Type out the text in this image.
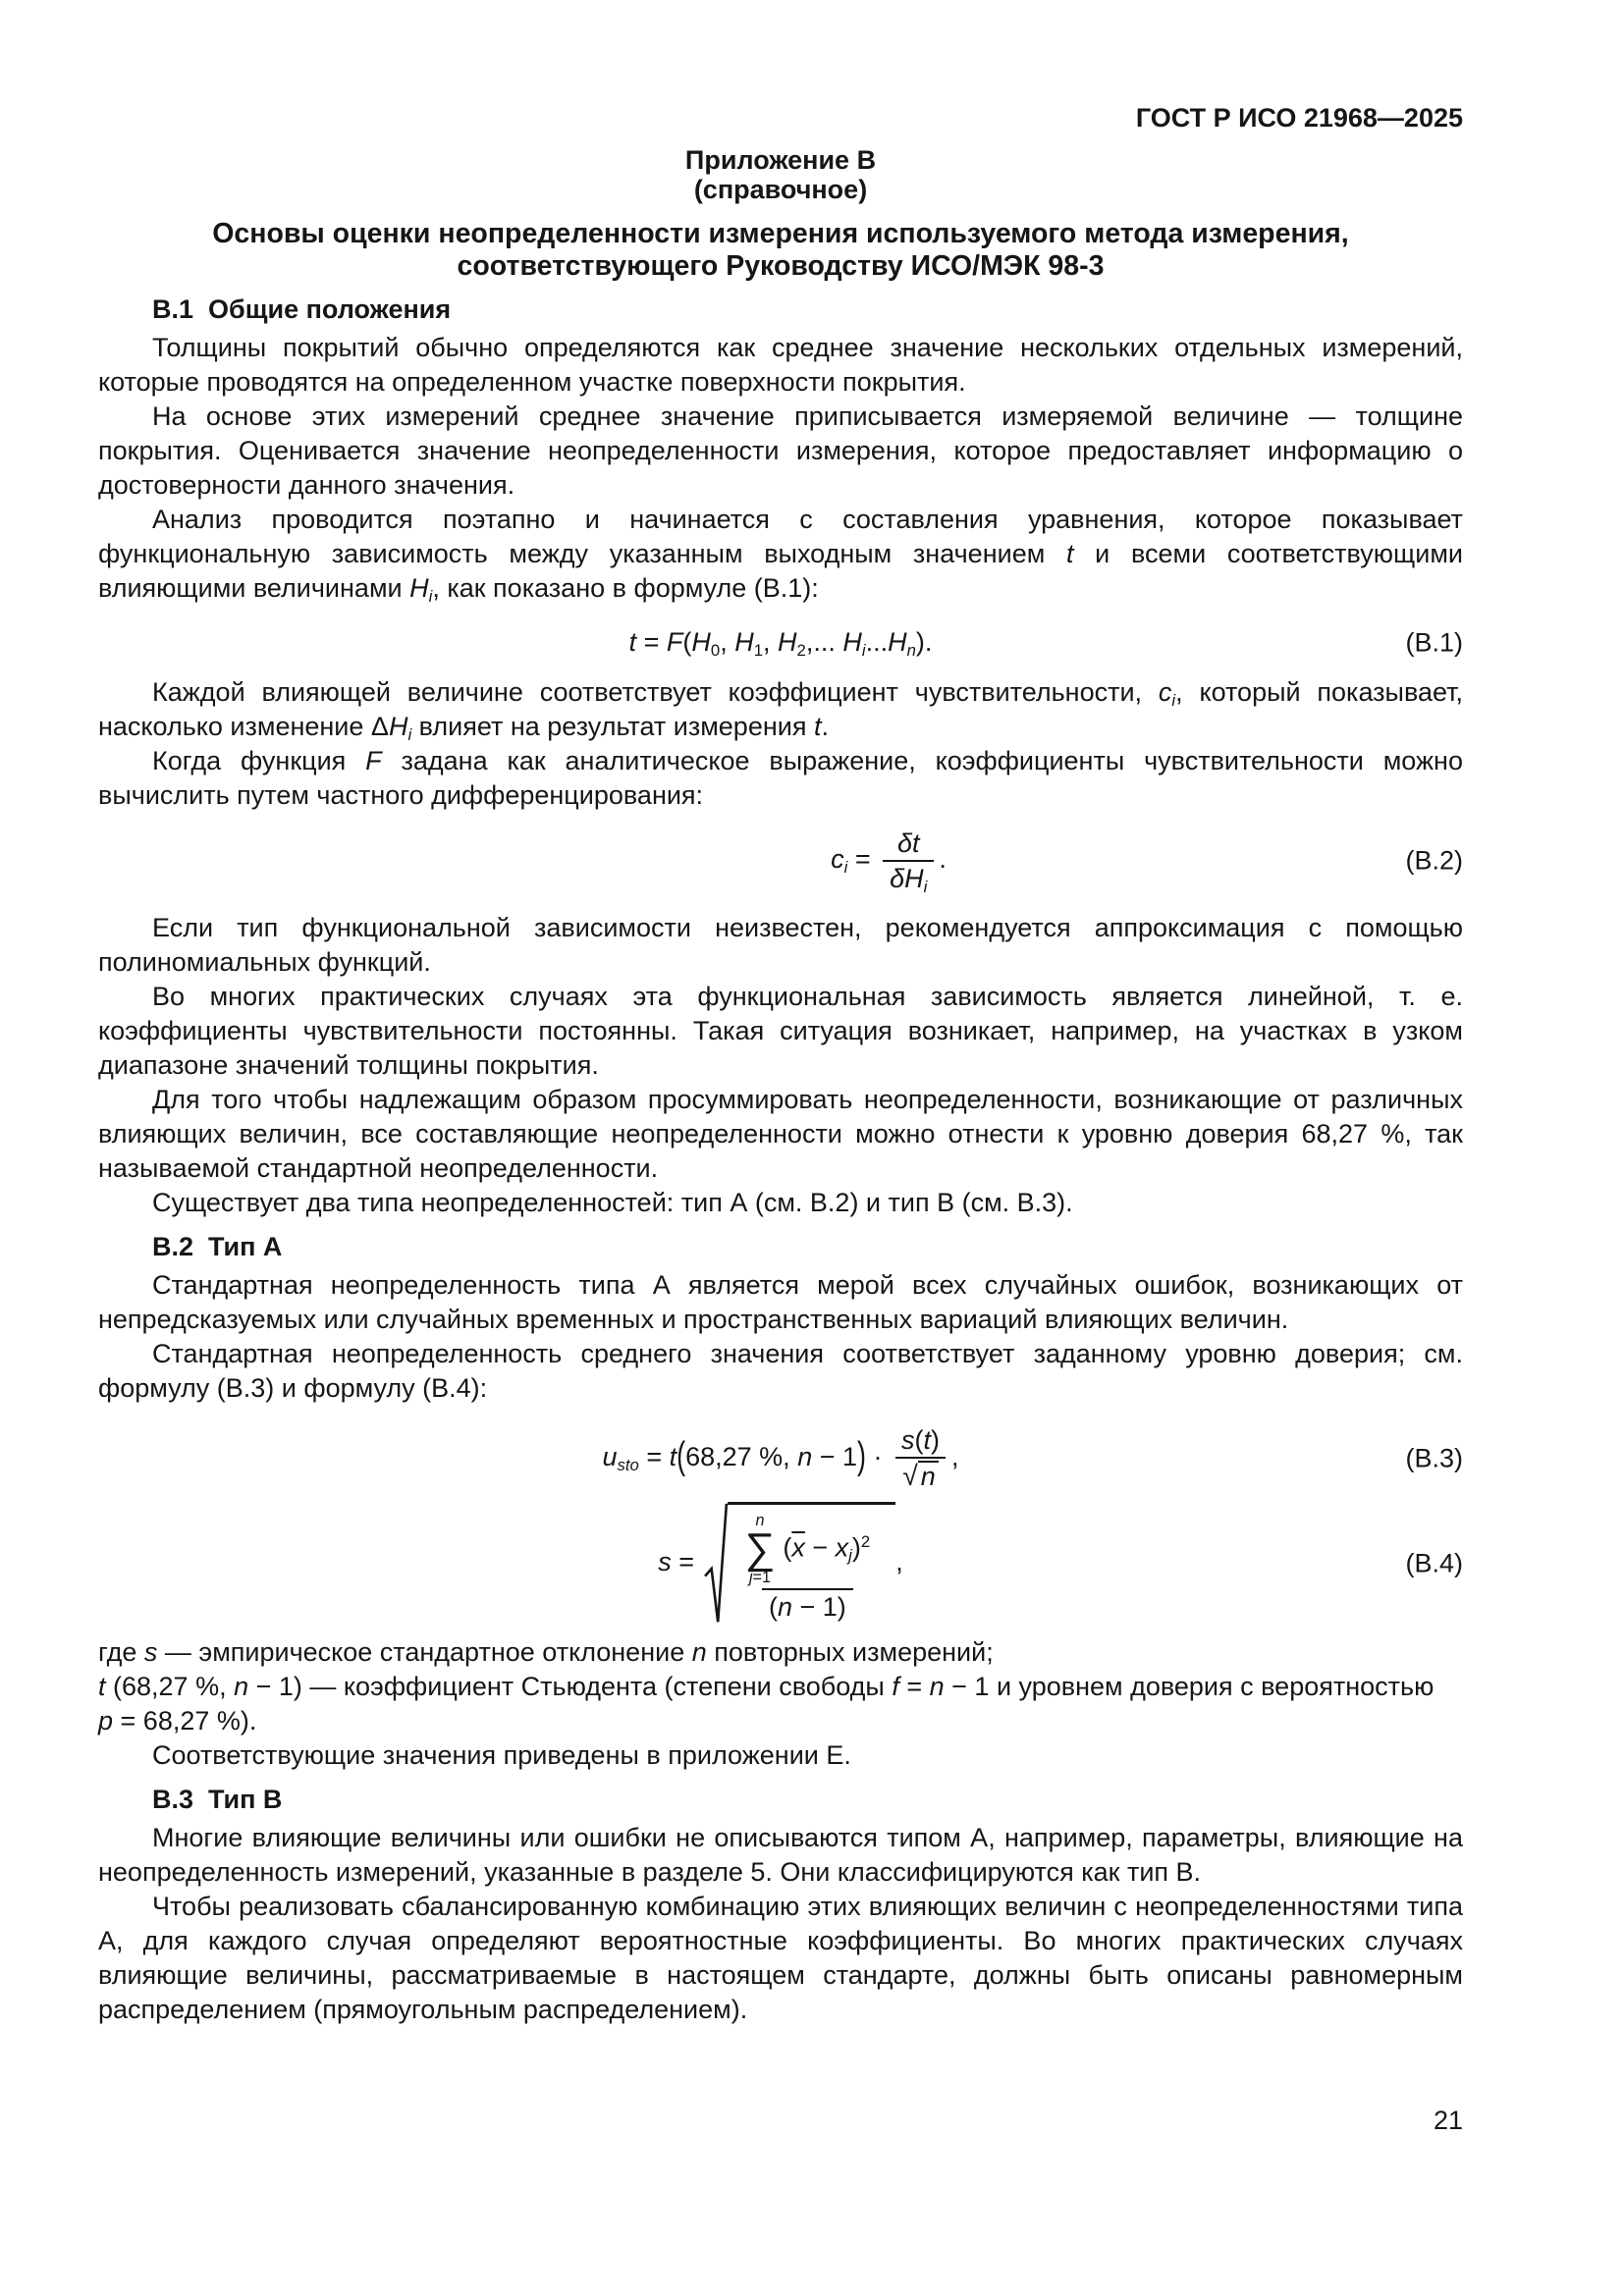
ГОСТ Р ИСО 21968—2025
Приложение В
(справочное)
Основы оценки неопределенности измерения используемого метода измерения,
соответствующего Руководству ИСО/МЭК 98-3
В.1  Общие положения

Толщины покрытий обычно определяются как среднее значение нескольких отдельных измерений, которые проводятся на определенном участке поверхности покрытия.

На основе этих измерений среднее значение приписывается измеряемой величине — толщине покрытия. Оценивается значение неопределенности измерения, которое предоставляет информацию о достоверности данного значения.

Анализ проводится поэтапно и начинается с составления уравнения, которое показывает функциональную зависимость между указанным выходным значением t и всеми соответствующими влияющими величинами $H_i$, как показано в формуле (В.1):

$t = F(H_0$, $H_1$, $H_2$,... $H_i...H_n$).	(В.1)

Каждой влияющей величине соответствует коэффициент чувствительности, $c_i$, который показывает, насколько изменение $\Delta H_i$ влияет на результат измерения t.

Когда функция F задана как аналитическое выражение, коэффициенты чувствительности можно вычислить путем частного дифференцирования:

$c_i = \frac{\delta t}{\delta H_i}$ .	(В.2)

Если тип функциональной зависимости неизвестен, рекомендуется аппроксимация с помощью полиномиальных функций.

Во многих практических случаях эта функциональная зависимость является линейной, т. е. коэффициенты чувствительности постоянны. Такая ситуация возникает, например, на участках в узком диапазоне значений толщины покрытия.

Для того чтобы надлежащим образом просуммировать неопределенности, возникающие от различных влияющих величин, все составляющие неопределенности можно отнести к уровню доверия 68,27 %, так называемой стандартной неопределенности.

Существует два типа неопределенностей: тип А (см. В.2) и тип В (см. В.3).

В.2  Тип А

Стандартная неопределенность типа А является мерой всех случайных ошибок, возникающих от непредсказуемых или случайных временных и пространственных вариаций влияющих величин.

Стандартная неопределенность среднего значения соответствует заданному уровню доверия; см. формулу (В.3) и формулу (В.4):

$u_{sto} = t(68,27$ %, $n - 1) \cdot \frac{s(t)}{√ n}$ ,	(В.3)
s = n
∑
j=1
$(\overline{x} - x_j)^2$
(n − 1) ,	(В.4)
где s — эмпирическое стандартное отклонение n повторных измерений;
t (68,27 %, n − 1) — коэффициент Стьюдента (степени свободы f = n − 1 и уровнем доверия с вероятностью
p = 68,27 %).

Соответствующие значения приведены в приложении Е.

В.3  Тип В

Многие влияющие величины или ошибки не описываются типом А, например, параметры, влияющие на неопределенность измерений, указанные в разделе 5. Они классифицируются как тип В.

Чтобы реализовать сбалансированную комбинацию этих влияющих величин с неопределенностями типа А, для каждого случая определяют вероятностные коэффициенты. Во многих практических случаях влияющие величины, рассматриваемые в настоящем стандарте, должны быть описаны равномерным распределением (прямоугольным распределением).

21
